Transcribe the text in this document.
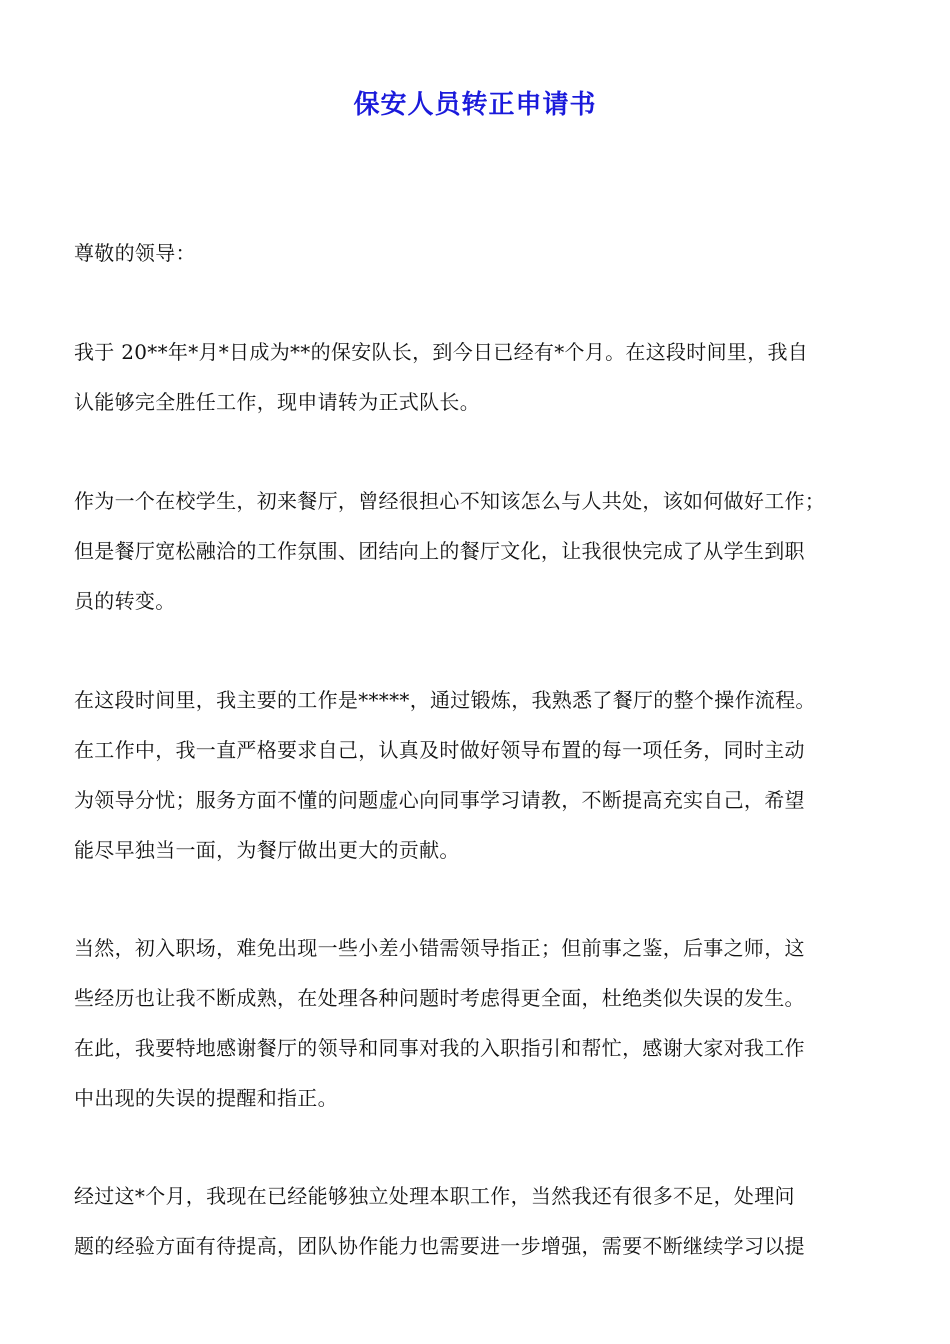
保安人员转正申请书
尊敬的领导：

我于 20**年*月*日成为**的保安队长，到今日已经有*个月。在这段时间里，我自

认能够完全胜任工作，现申请转为正式队长。

作为一个在校学生，初来餐厅，曾经很担心不知该怎么与人共处，该如何做好工作；

但是餐厅宽松融洽的工作氛围、团结向上的餐厅文化，让我很快完成了从学生到职

员的转变。

在这段时间里，我主要的工作是*****，通过锻炼，我熟悉了餐厅的整个操作流程。

在工作中，我一直严格要求自己，认真及时做好领导布置的每一项任务，同时主动

为领导分忧；服务方面不懂的问题虚心向同事学习请教，不断提高充实自己，希望

能尽早独当一面，为餐厅做出更大的贡献。

当然，初入职场，难免出现一些小差小错需领导指正；但前事之鉴，后事之师，这

些经历也让我不断成熟，在处理各种问题时考虑得更全面，杜绝类似失误的发生。

在此，我要特地感谢餐厅的领导和同事对我的入职指引和帮忙，感谢大家对我工作

中出现的失误的提醒和指正。

经过这*个月，我现在已经能够独立处理本职工作，当然我还有很多不足，处理问

题的经验方面有待提高，团队协作能力也需要进一步增强，需要不断继续学习以提
